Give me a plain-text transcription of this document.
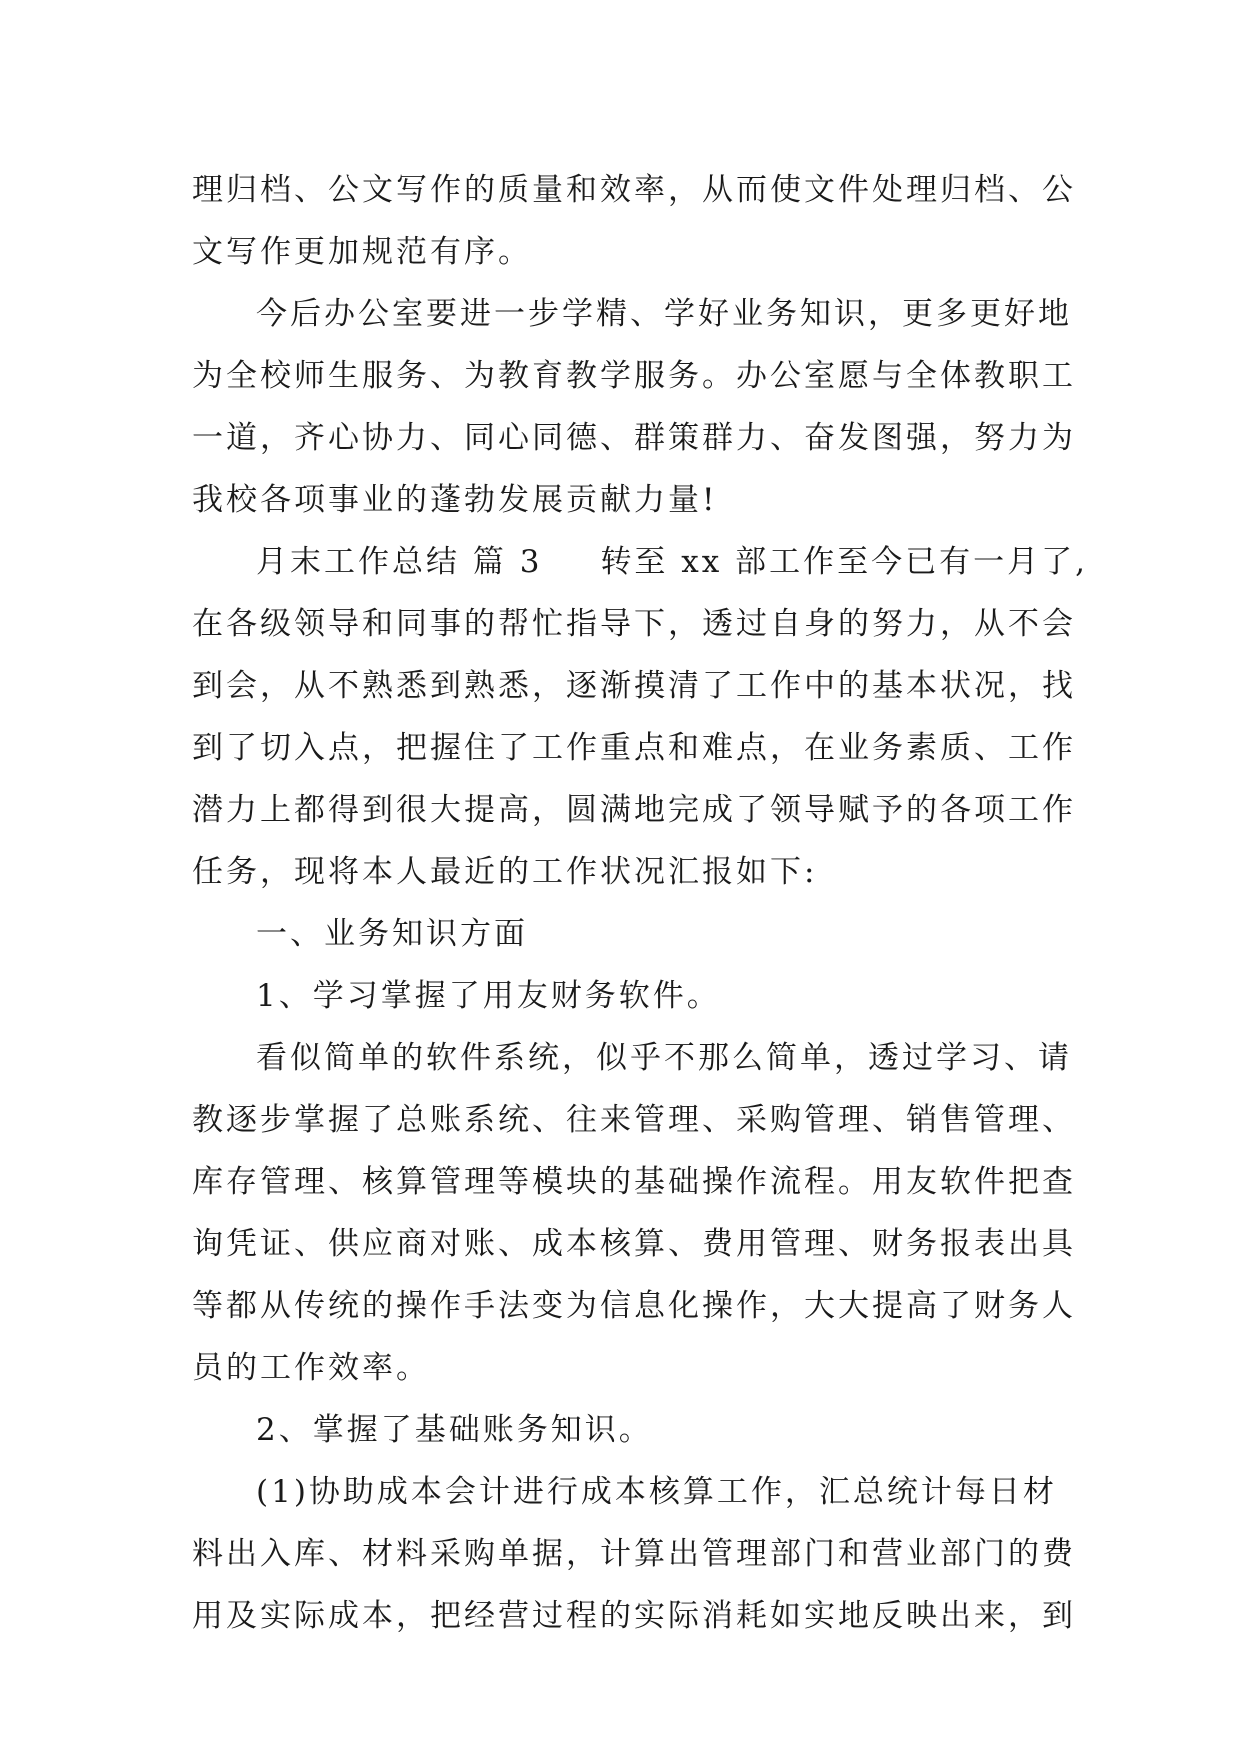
理归档、公文写作的质量和效率，从而使文件处理归档、公
文写作更加规范有序。
今后办公室要进一步学精、学好业务知识，更多更好地
为全校师生服务、为教育教学服务。办公室愿与全体教职工
一道，齐心协力、同心同德、群策群力、奋发图强，努力为
我校各项事业的蓬勃发展贡献力量!
月末工作总结 篇 3 转至 xx 部工作至今已有一月了,
在各级领导和同事的帮忙指导下，透过自身的努力，从不会
到会，从不熟悉到熟悉，逐渐摸清了工作中的基本状况，找
到了切入点，把握住了工作重点和难点，在业务素质、工作
潜力上都得到很大提高，圆满地完成了领导赋予的各项工作
任务，现将本人最近的工作状况汇报如下:
一、业务知识方面
1、学习掌握了用友财务软件。
看似简单的软件系统，似乎不那么简单，透过学习、请
教逐步掌握了总账系统、往来管理、采购管理、销售管理、
库存管理、核算管理等模块的基础操作流程。用友软件把查
询凭证、供应商对账、成本核算、费用管理、财务报表出具
等都从传统的操作手法变为信息化操作，大大提高了财务人
员的工作效率。
2、掌握了基础账务知识。
(1)协助成本会计进行成本核算工作，汇总统计每日材
料出入库、材料采购单据，计算出管理部门和营业部门的费
用及实际成本，把经营过程的实际消耗如实地反映出来，到
